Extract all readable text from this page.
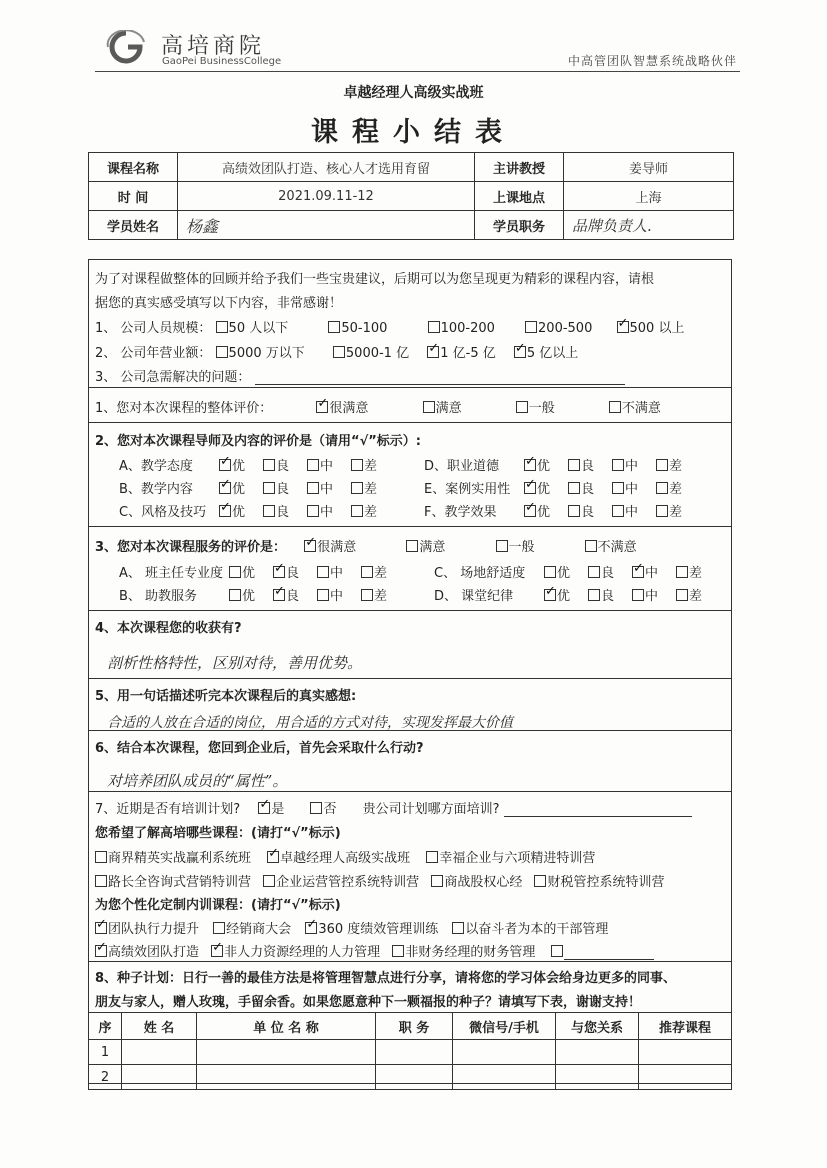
高培商院
GaoPei BusinessCollege	中高管团队智慧系统战略伙伴
卓越经理人高级实战班
课程小结表
课程名称	高绩效团队打造、核心人才选用育留	主讲教授	姜导师
时 间	2021.09.11-12	上课地点	上海
学员姓名	杨鑫	学员职务	品牌负责人.
为了对课程做整体的回顾并给予我们一些宝贵建议，后期可以为您呈现更为精彩的课程内容，请根
据您的真实感受填写以下内容，非常感谢！
1、 公司人员规模： 50 人以下	50-100	100-200	200-500 ✓	500 以上
2、 公司年营业额： 5000 万以下	5000-1 亿 ✓ 1 亿-5 亿 ✓ 5 亿以上
3、 公司急需解决的问题：
1、您对本次课程的整体评价： ✓	很满意	满意	一般	不满意
2、您对本次课程导师及内容的评价是（请用“√”标示）:
A、教学态度 ✓	优 良 中 差
B、教学内容 ✓	优 良 中 差
C、风格及技巧 ✓ 优 良 中 差
D、职业道德 ✓	优 良 中 差
E、案例实用性 ✓ 优 良 中 差
F、教学效果 ✓	优 良 中 差
3、您对本次课程服务的评价是： ✓ 很满意	满意	一般	不满意
A、 班主任专业度 优 ✓ 良 中 差
B、 助教服务	优 ✓ 良 中 差
C、 场地舒适度 优 良 ✓ 中 差
D、 课堂纪律 ✓	优 良 中 差
4、本次课程您的收获有?
剖析性格特性，区别对待，善用优势。
5、用一句话描述听完本次课程后的真实感想:
合适的人放在合适的岗位，用合适的方式对待，实现发挥最大价值
6、结合本次课程，您回到企业后，首先会采取什么行动?
对培养团队成员的“属性”。
7、近期是否有培训计划? ✓ 是	否 贵公司计划哪方面培训?
您希望了解高培哪些课程：(请打“√”标示)
商界精英实战赢利系统班 ✓ 卓越经理人高级实战班 幸福企业与六项精进特训营
路长全咨询式营销特训营 企业运营管控系统特训营 商战股权心经 财税管控系统特训营
为您个性化定制内训课程：(请打“√”标示)
✓团队执行力提升 经销商大会 ✓ 360 度绩效管理训练 以奋斗者为本的干部管理
✓高绩效团队打造 ✓ 非人力资源经理的人力管理 非财务经理的财务管理
8、种子计划：日行一善的最佳方法是将管理智慧点进行分享，请将您的学习体会给身边更多的同事、
朋友与家人，赠人玫瑰，手留余香。如果您愿意种下一颗福报的种子？请填写下表，谢谢支持！
序	姓 名	单 位 名 称	职 务	微信号/手机	与您关系	推荐课程
1						
2						
